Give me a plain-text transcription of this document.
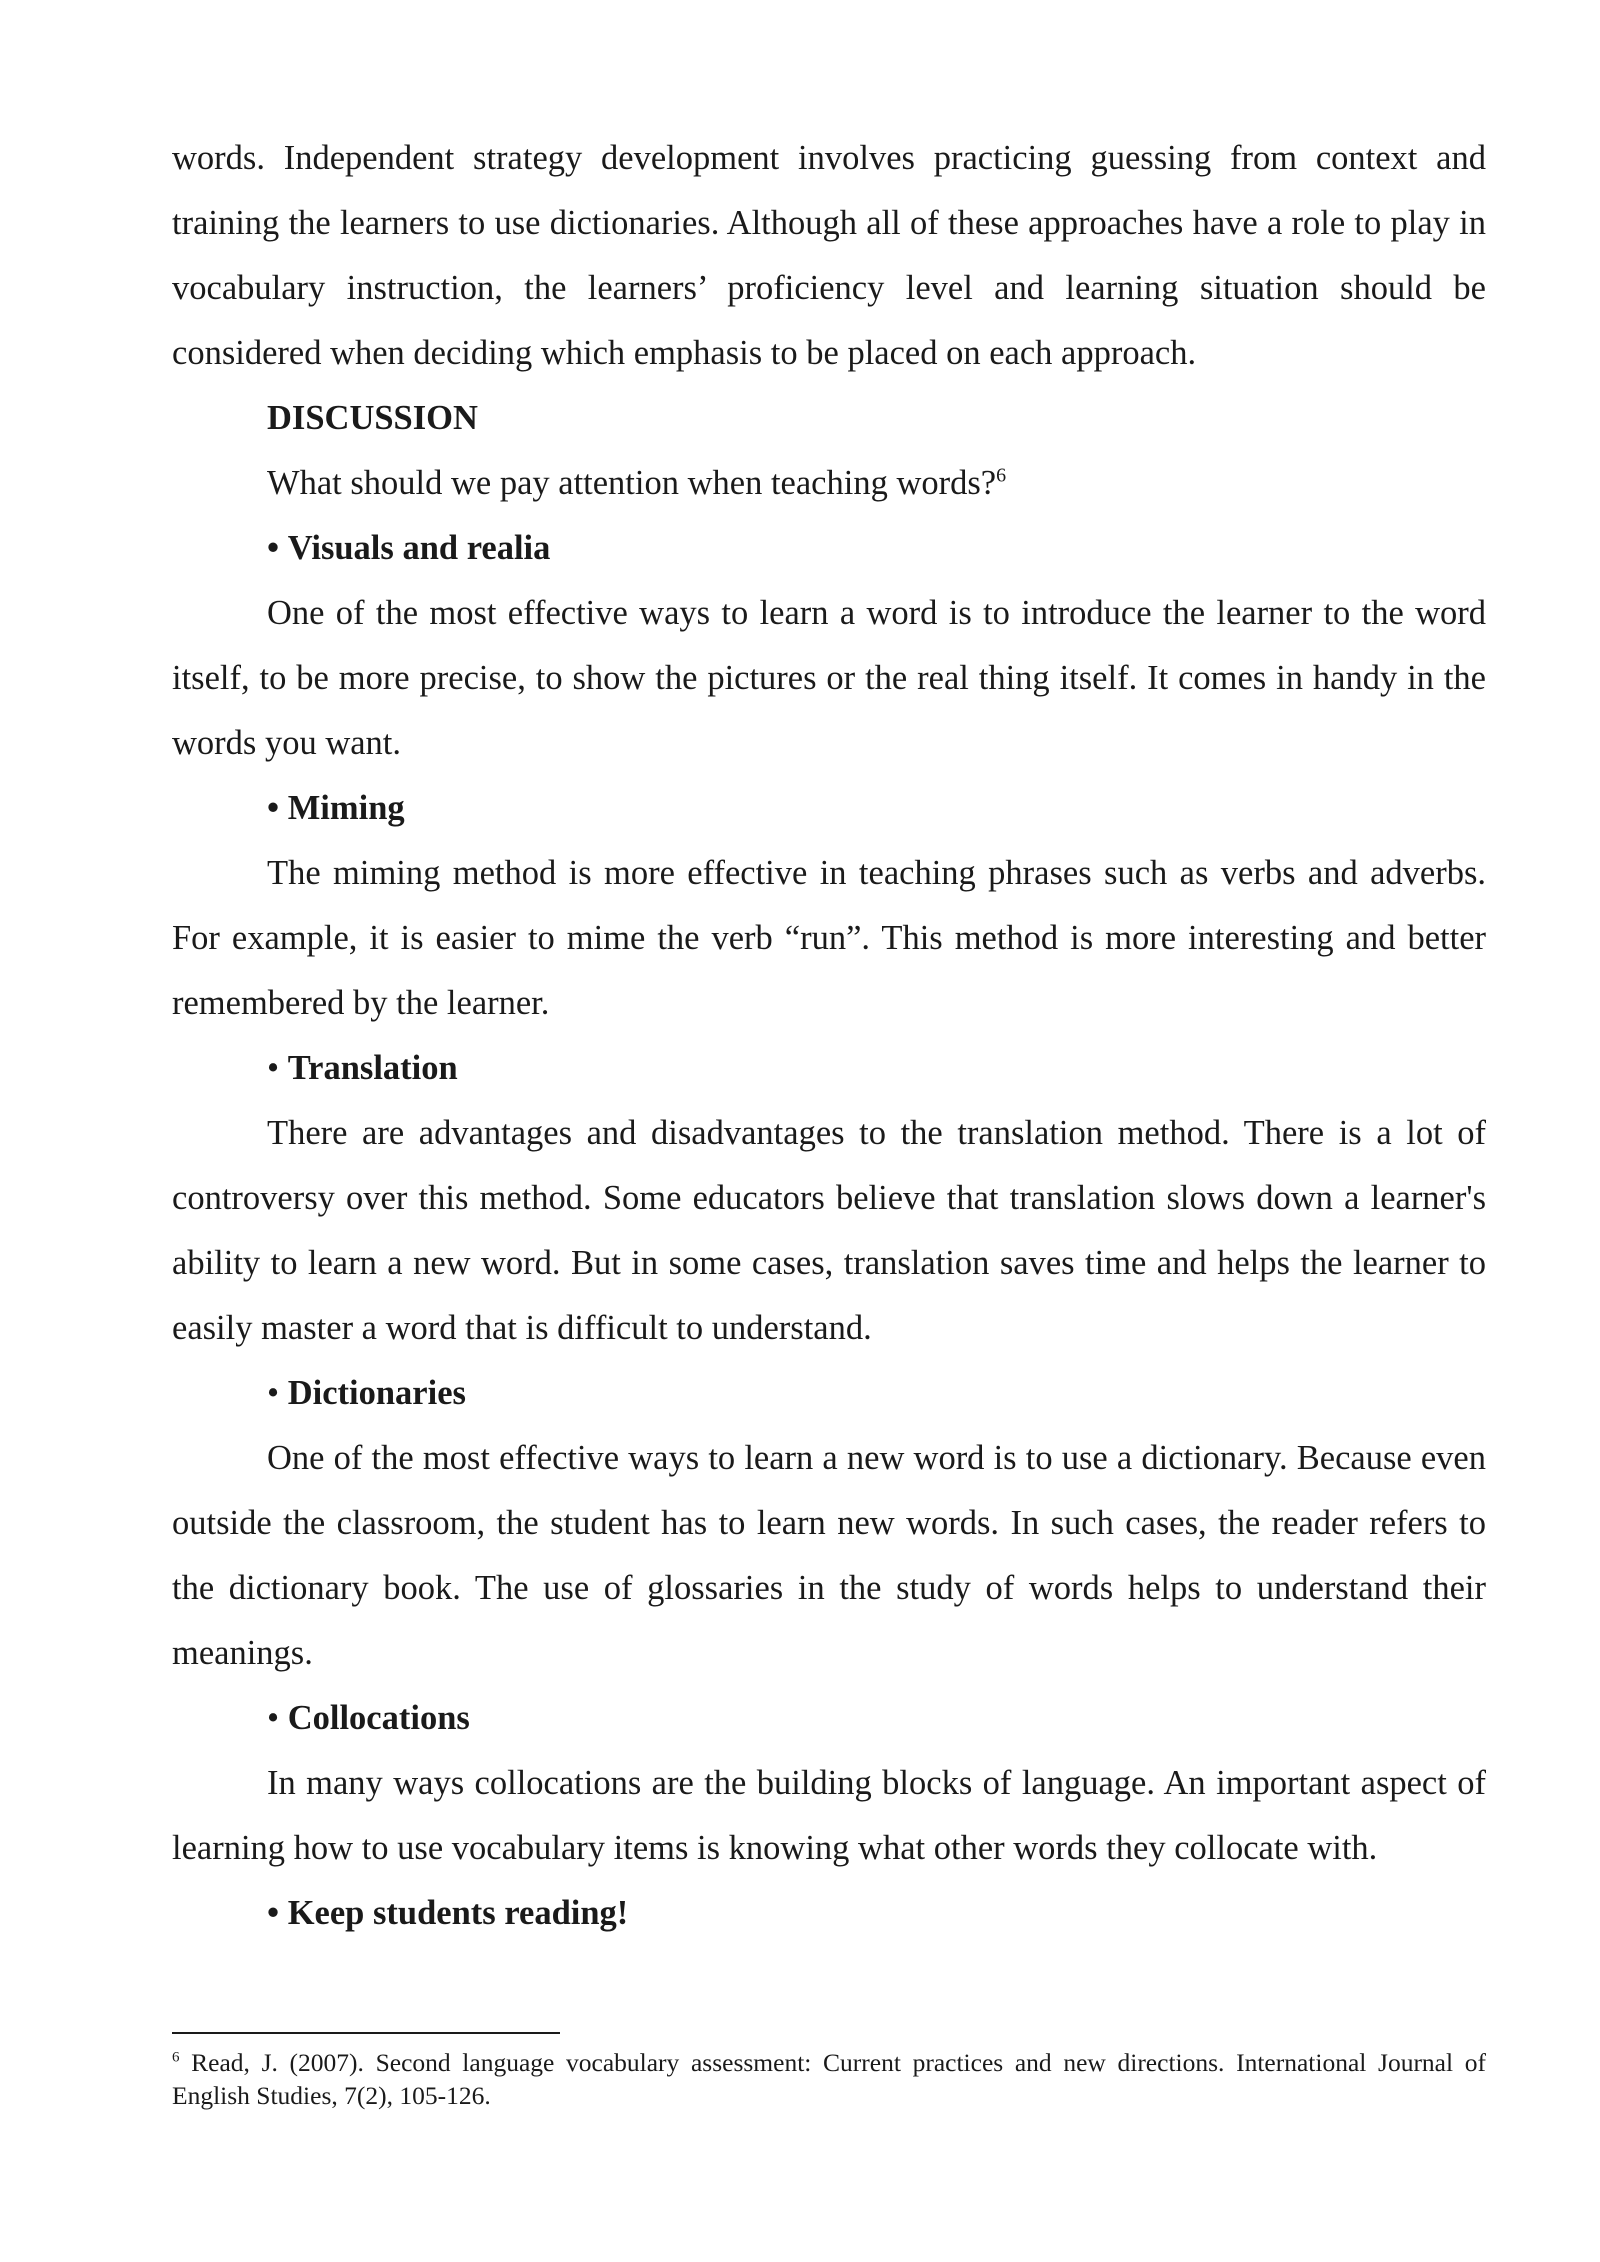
words. Independent strategy development involves practicing guessing from context and training the learners to use dictionaries. Although all of these approaches have a role to play in vocabulary instruction, the learners’ proficiency level and learning situation should be considered when deciding which emphasis to be placed on each approach.

DISCUSSION

What should we pay attention when teaching words?$^6$

• Visuals and realia

One of the most effective ways to learn a word is to introduce the learner to the word itself, to be more precise, to show the pictures or the real thing itself. It comes in handy in the words you want.

• Miming

The miming method is more effective in teaching phrases such as verbs and adverbs. For example, it is easier to mime the verb “run”. This method is more interesting and better remembered by the learner.

• Translation

There are advantages and disadvantages to the translation method. There is a lot of controversy over this method. Some educators believe that translation slows down a learner's ability to learn a new word. But in some cases, translation saves time and helps the learner to easily master a word that is difficult to understand.

• Dictionaries

One of the most effective ways to learn a new word is to use a dictionary. Because even outside the classroom, the student has to learn new words. In such cases, the reader refers to the dictionary book. The use of glossaries in the study of words helps to understand their meanings.

• Collocations

In many ways collocations are the building blocks of language. An important aspect of learning how to use vocabulary items is knowing what other words they collocate with.

• Keep students reading!

$^6$ Read, J. (2007). Second language vocabulary assessment: Current practices and new directions. International Journal of English Studies, 7(2), 105-126.
